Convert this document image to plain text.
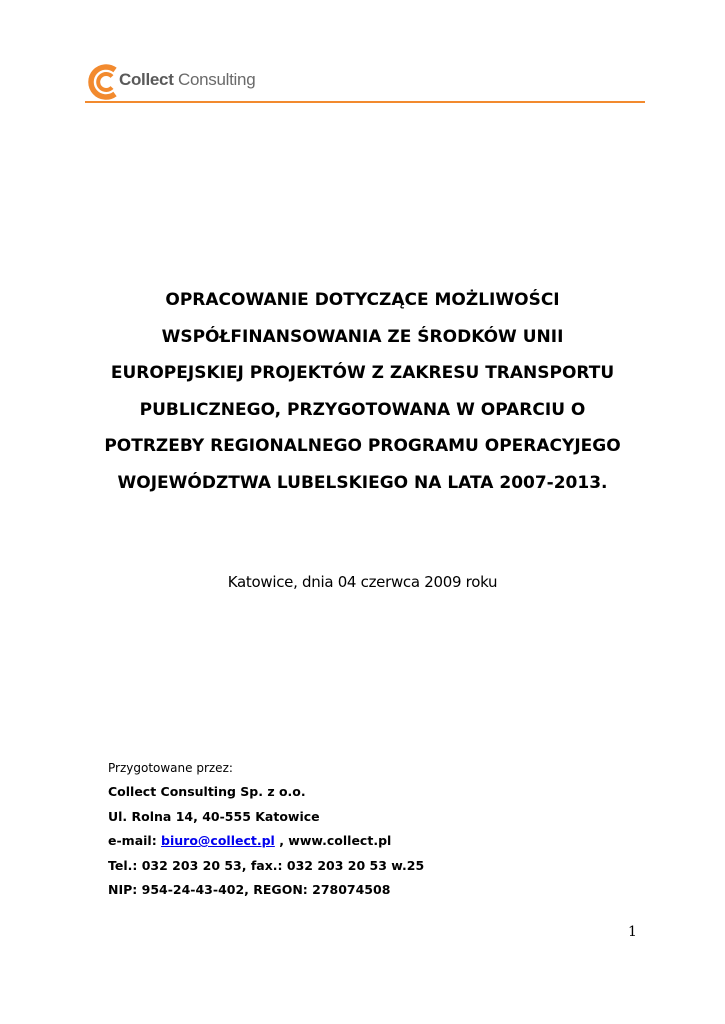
Collect Consulting
OPRACOWANIE DOTYCZĄCE MOŻLIWOŚCI
WSPÓŁFINANSOWANIA ZE ŚRODKÓW UNII
EUROPEJSKIEJ PROJEKTÓW Z ZAKRESU TRANSPORTU
PUBLICZNEGO, PRZYGOTOWANA W OPARCIU O
POTRZEBY REGIONALNEGO PROGRAMU OPERACYJEGO
WOJEWÓDZTWA LUBELSKIEGO NA LATA 2007-2013.
Katowice, dnia 04 czerwca 2009 roku
Przygotowane przez:
Collect Consulting Sp. z o.o.
Ul. Rolna 14, 40-555 Katowice
e-mail: biuro@collect.pl , www.collect.pl
Tel.: 032 203 20 53, fax.: 032 203 20 53 w.25
NIP: 954-24-43-402, REGON: 278074508
1
